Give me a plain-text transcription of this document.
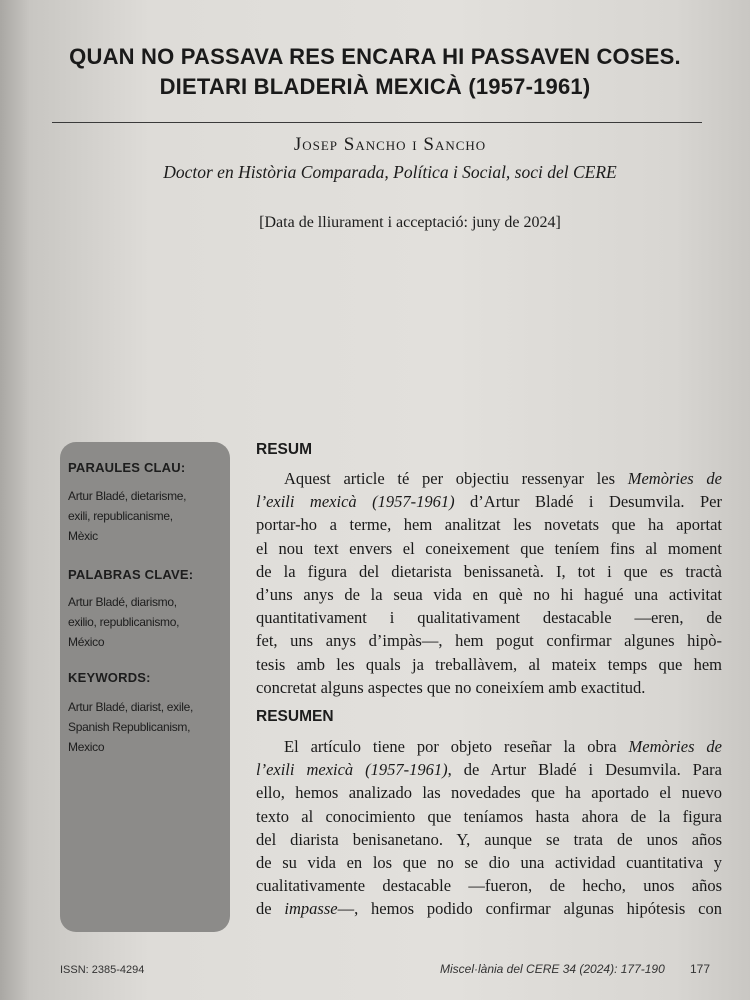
QUAN NO PASSAVA RES ENCARA HI PASSAVEN COSES.
DIETARI BLADERIÀ MEXICÀ (1957-1961)
Josep Sancho i Sancho
Doctor en Història Comparada, Política i Social, soci del CERE
[Data de lliurament i acceptació: juny de 2024]
PARAULES CLAU:
Artur Bladé, dietarisme,
exili, republicanisme,
Mèxic
PALABRAS CLAVE:
Artur Bladé, diarismo,
exilio, republicanismo,
México
KEYWORDS:
Artur Bladé, diarist, exile,
Spanish Republicanism,
Mexico
RESUM
Aquest article té per objectiu ressenyar les Memòries de
l’exili mexicà (1957-1961) d’Artur Bladé i Desumvila. Per
portar-ho a terme, hem analitzat les novetats que ha aportat
el nou text envers el coneixement que teníem fins al moment
de la figura del dietarista benissanetà. I, tot i que es tractà
d’uns anys de la seua vida en què no hi hagué una activitat
quantitativament i qualitativament destacable —eren, de
fet, uns anys d’impàs—, hem pogut confirmar algunes hipò-
tesis amb les quals ja treballàvem, al mateix temps que hem
concretat alguns aspectes que no coneixíem amb exactitud.
RESUMEN
El artículo tiene por objeto reseñar la obra Memòries de
l’exili mexicà (1957-1961), de Artur Bladé i Desumvila. Para
ello, hemos analizado las novedades que ha aportado el nuevo
texto al conocimiento que teníamos hasta ahora de la figura
del diarista benisanetano. Y, aunque se trata de unos años
de su vida en los que no se dio una actividad cuantitativa y
cualitativamente destacable —fueron, de hecho, unos años
de impasse—, hemos podido confirmar algunas hipótesis con
ISSN: 2385-4294	Miscel·lània del CERE 34 (2024): 177-190 177
